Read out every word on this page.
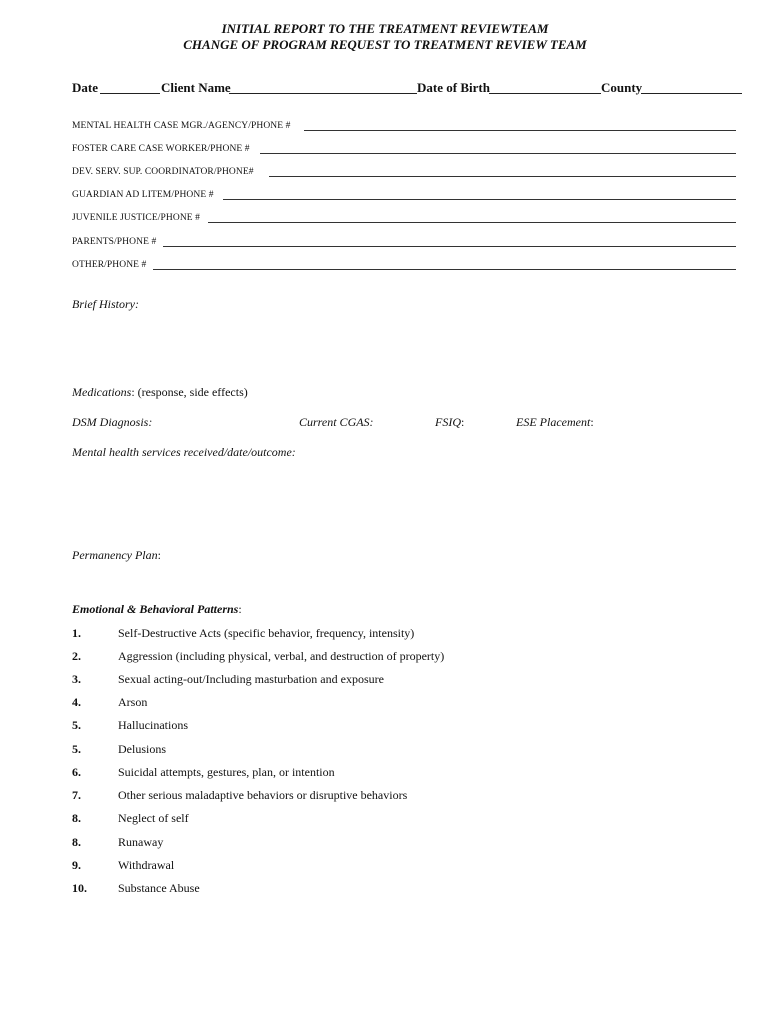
INITIAL REPORT TO THE TREATMENT REVIEWTEAM
CHANGE OF PROGRAM REQUEST TO TREATMENT REVIEW TEAM
Date	Client Name	Date of Birth	County
MENTAL HEALTH CASE MGR./AGENCY/PHONE #
FOSTER CARE CASE WORKER/PHONE #
DEV. SERV. SUP. COORDINATOR/PHONE#
GUARDIAN AD LITEM/PHONE #
JUVENILE JUSTICE/PHONE #
PARENTS/PHONE #
OTHER/PHONE #
Brief History:
Medications: (response, side effects)
DSM Diagnosis:	Current CGAS:	FSIQ:	ESE Placement:
Mental health services received/date/outcome:
Permanency Plan:
Emotional & Behavioral Patterns:
1.	Self-Destructive Acts (specific behavior, frequency, intensity)
2.	Aggression (including physical, verbal, and destruction of property)
3.	Sexual acting-out/Including masturbation and exposure
4.	Arson
5.	Hallucinations
5.	Delusions
6.	Suicidal attempts, gestures, plan, or intention
7.	Other serious maladaptive behaviors or disruptive behaviors
8.	Neglect of self
8.	Runaway
9.	Withdrawal
10.	Substance Abuse
